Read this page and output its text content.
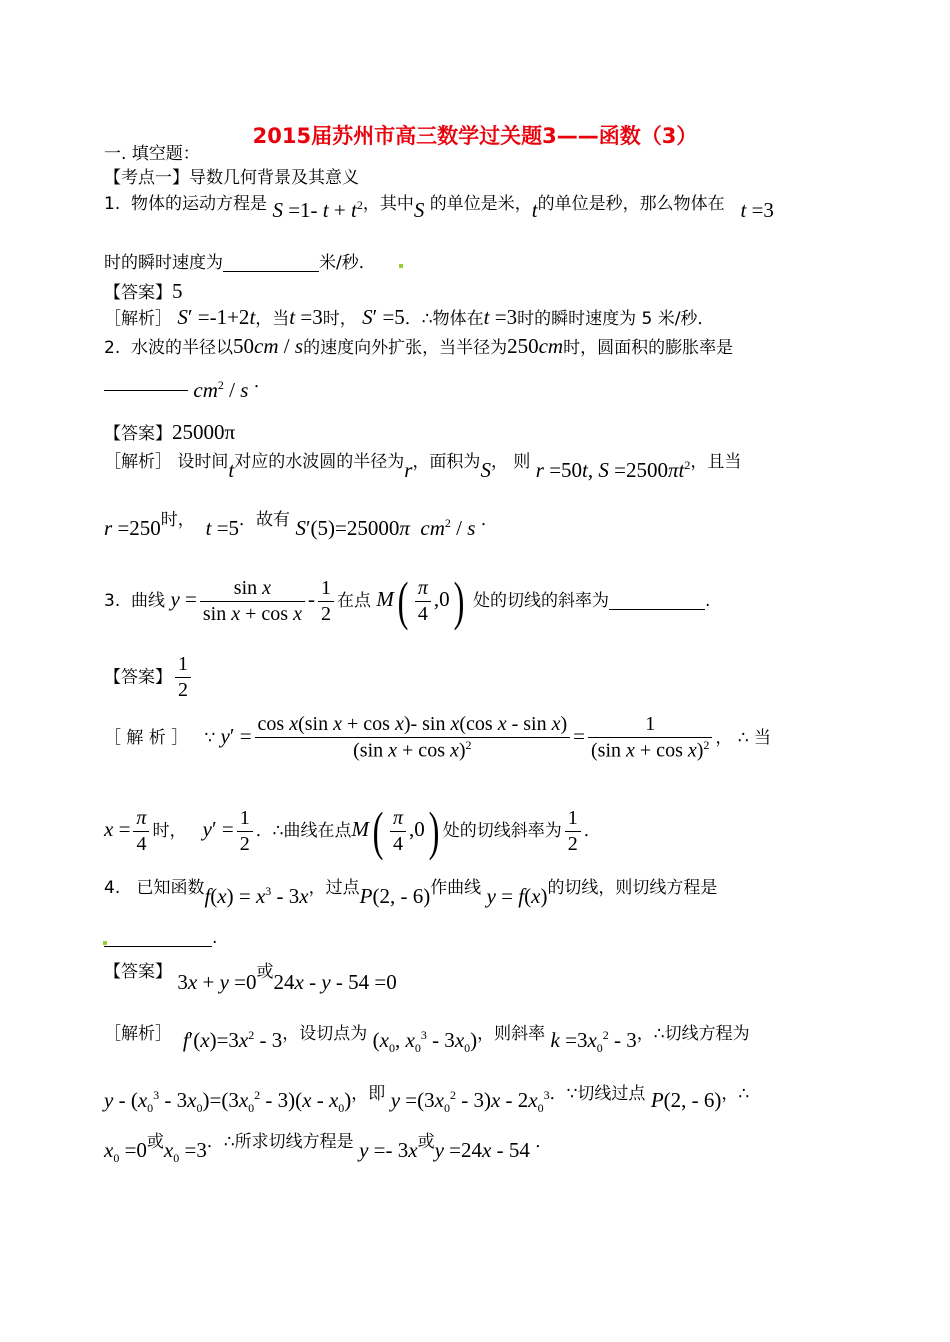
2015届苏州市高三数学过关题3——函数（3）
一. 填空题：
【考点一】导数几何背景及其意义
1. 物体的运动方程是 S =1- $t + t^2$，其中S 的单位是米，t的单位是秒，那么物体在 t =3
时的瞬时速度为	米/秒．
【答案】5
［解析］ S′ =-1+2t，当t =3时， S′ =5．∴物体在t =3时的瞬时速度为 5 米/秒．
2. 水波的半径以50cm / s的速度向外扩张，当半径为250cm时，圆面积的膨胀率是
$cm^2$ / s ．
【答案】25000π
［解析］ 设时间t对应的水波圆的半径为r，面积为S， 则 r =50t, $S =2500\pi t^2$，且当
r =250时， t =5．故有 S′(5)=25000π $cm^2$ / s ．
3. 曲线 $y = \frac{\text{sin x}}{\text{sin x + cos x}} - \frac{1}{2}$ 在点 $M( \frac{\pi}{4} ,0)$ 处的切线的斜率为	.
【答案】 $\frac{1}{2}$
［ 解 析 ］ ∵ $y' = \frac{\text{cos x(sin x + cos x)- sin x(cos x - sin x)}}{(\sin x + \cos x)^2} = \frac{1}{(\sin x + \cos x)^2}$ ， ∴ 当
$x = \frac{\pi}{4}$ 时， $y' = \frac{1}{2}$ ．∴曲线在点$M( \frac{\pi}{4} ,0)$ 处的切线斜率为 $\frac{1}{2}$ ．
4. 已知函数$f(x) = x^3 - 3x$，过点P(2, - 6)作曲线 y = f(x)的切线，则切线方程是
.
【答案】 3x + y =0或24x - y - 54 =0
［解析］ $f'(x)=3x^2 - 3$，设切点为 ($x_0$, $x_0^3 - 3x_0$)，则斜率 $k =3x_0^2 - 3$，∴切线方程为
$y - (x_0^3 - 3x_0)=(3x_0^2 - 3)(x - x_0)$，即 $y =(3x_0^2 - 3)x - 2x_0^3$．∵切线过点 P(2, - 6)，∴
$x_0 =0$或$x_0 =3$．∴所求切线方程是 y =- 3x或y =24x - 54 ．
